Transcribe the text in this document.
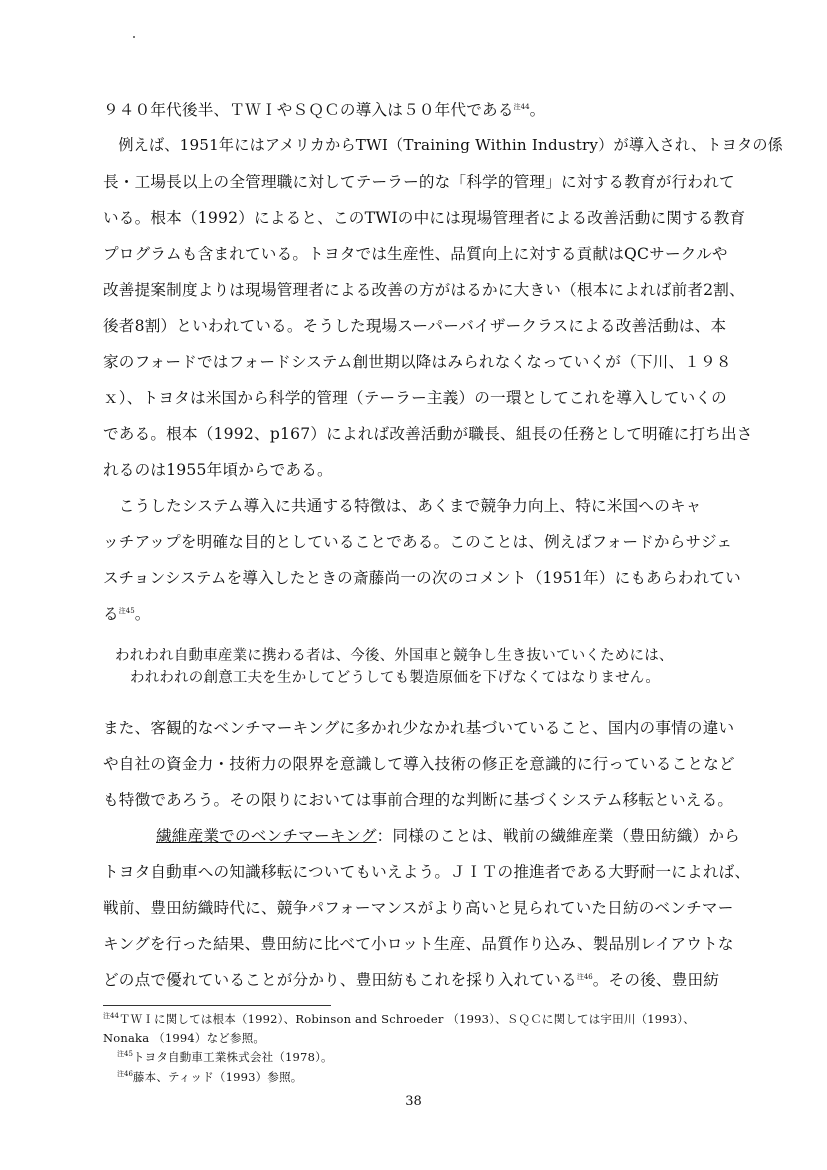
９４０年代後半、ＴＷＩやＳＱＣの導入は５０年代である$^{注44}$。
　例えば、1951年にはアメリカからTWI（Training Within Industry）が導入され、トヨタの係
長・工場長以上の全管理職に対してテーラー的な「科学的管理」に対する教育が行われて
いる。根本（1992）によると、このTWIの中には現場管理者による改善活動に関する教育
プログラムも含まれている。トヨタでは生産性、品質向上に対する貢献はQCサークルや
改善提案制度よりは現場管理者による改善の方がはるかに大きい（根本によれば前者2割、
後者8割）といわれている。そうした現場スーパーバイザークラスによる改善活動は、本
家のフォードではフォードシステム創世期以降はみられなくなっていくが（下川、１９８
ｘ）、トヨタは米国から科学的管理（テーラー主義）の一環としてこれを導入していくの
である。根本（1992、p167）によれば改善活動が職長、組長の任務として明確に打ち出さ
れるのは1955年頃からである。
　こうしたシステム導入に共通する特徴は、あくまで競争力向上、特に米国へのキャ
ッチアップを明確な目的としていることである。このことは、例えばフォードからサジェ
スチョンシステムを導入したときの斎藤尚一の次のコメント（1951年）にもあらわれてい
る$^{注45}$。
われわれ自動車産業に携わる者は、今後、外国車と競争し生き抜いていくためには、
われわれの創意工夫を生かしてどうしても製造原価を下げなくてはなりません。
また、客観的なベンチマーキングに多かれ少なかれ基づいていること、国内の事情の違い
や自社の資金力・技術力の限界を意識して導入技術の修正を意識的に行っていることなど
も特徴であろう。その限りにおいては事前合理的な判断に基づくシステム移転といえる。
繊維産業でのベンチマーキング：同様のことは、戦前の繊維産業（豊田紡織）から
トヨタ自動車への知識移転についてもいえよう。ＪＩＴの推進者である大野耐一によれば、
戦前、豊田紡織時代に、競争パフォーマンスがより高いと見られていた日紡のベンチマー
キングを行った結果、豊田紡に比べて小ロット生産、品質作り込み、製品別レイアウトな
どの点で優れていることが分かり、豊田紡もこれを採り入れている$^{注46}$。その後、豊田紡
$^{注44}$ＴＷＩに関しては根本（1992）、Robinson and Schroeder （1993）、ＳＱＣに関しては宇田川（1993）、
Nonaka （1994）など参照。
$^{注45}$トヨタ自動車工業株式会社（1978）。
$^{注46}$藤本、ティッド（1993）参照。
38
